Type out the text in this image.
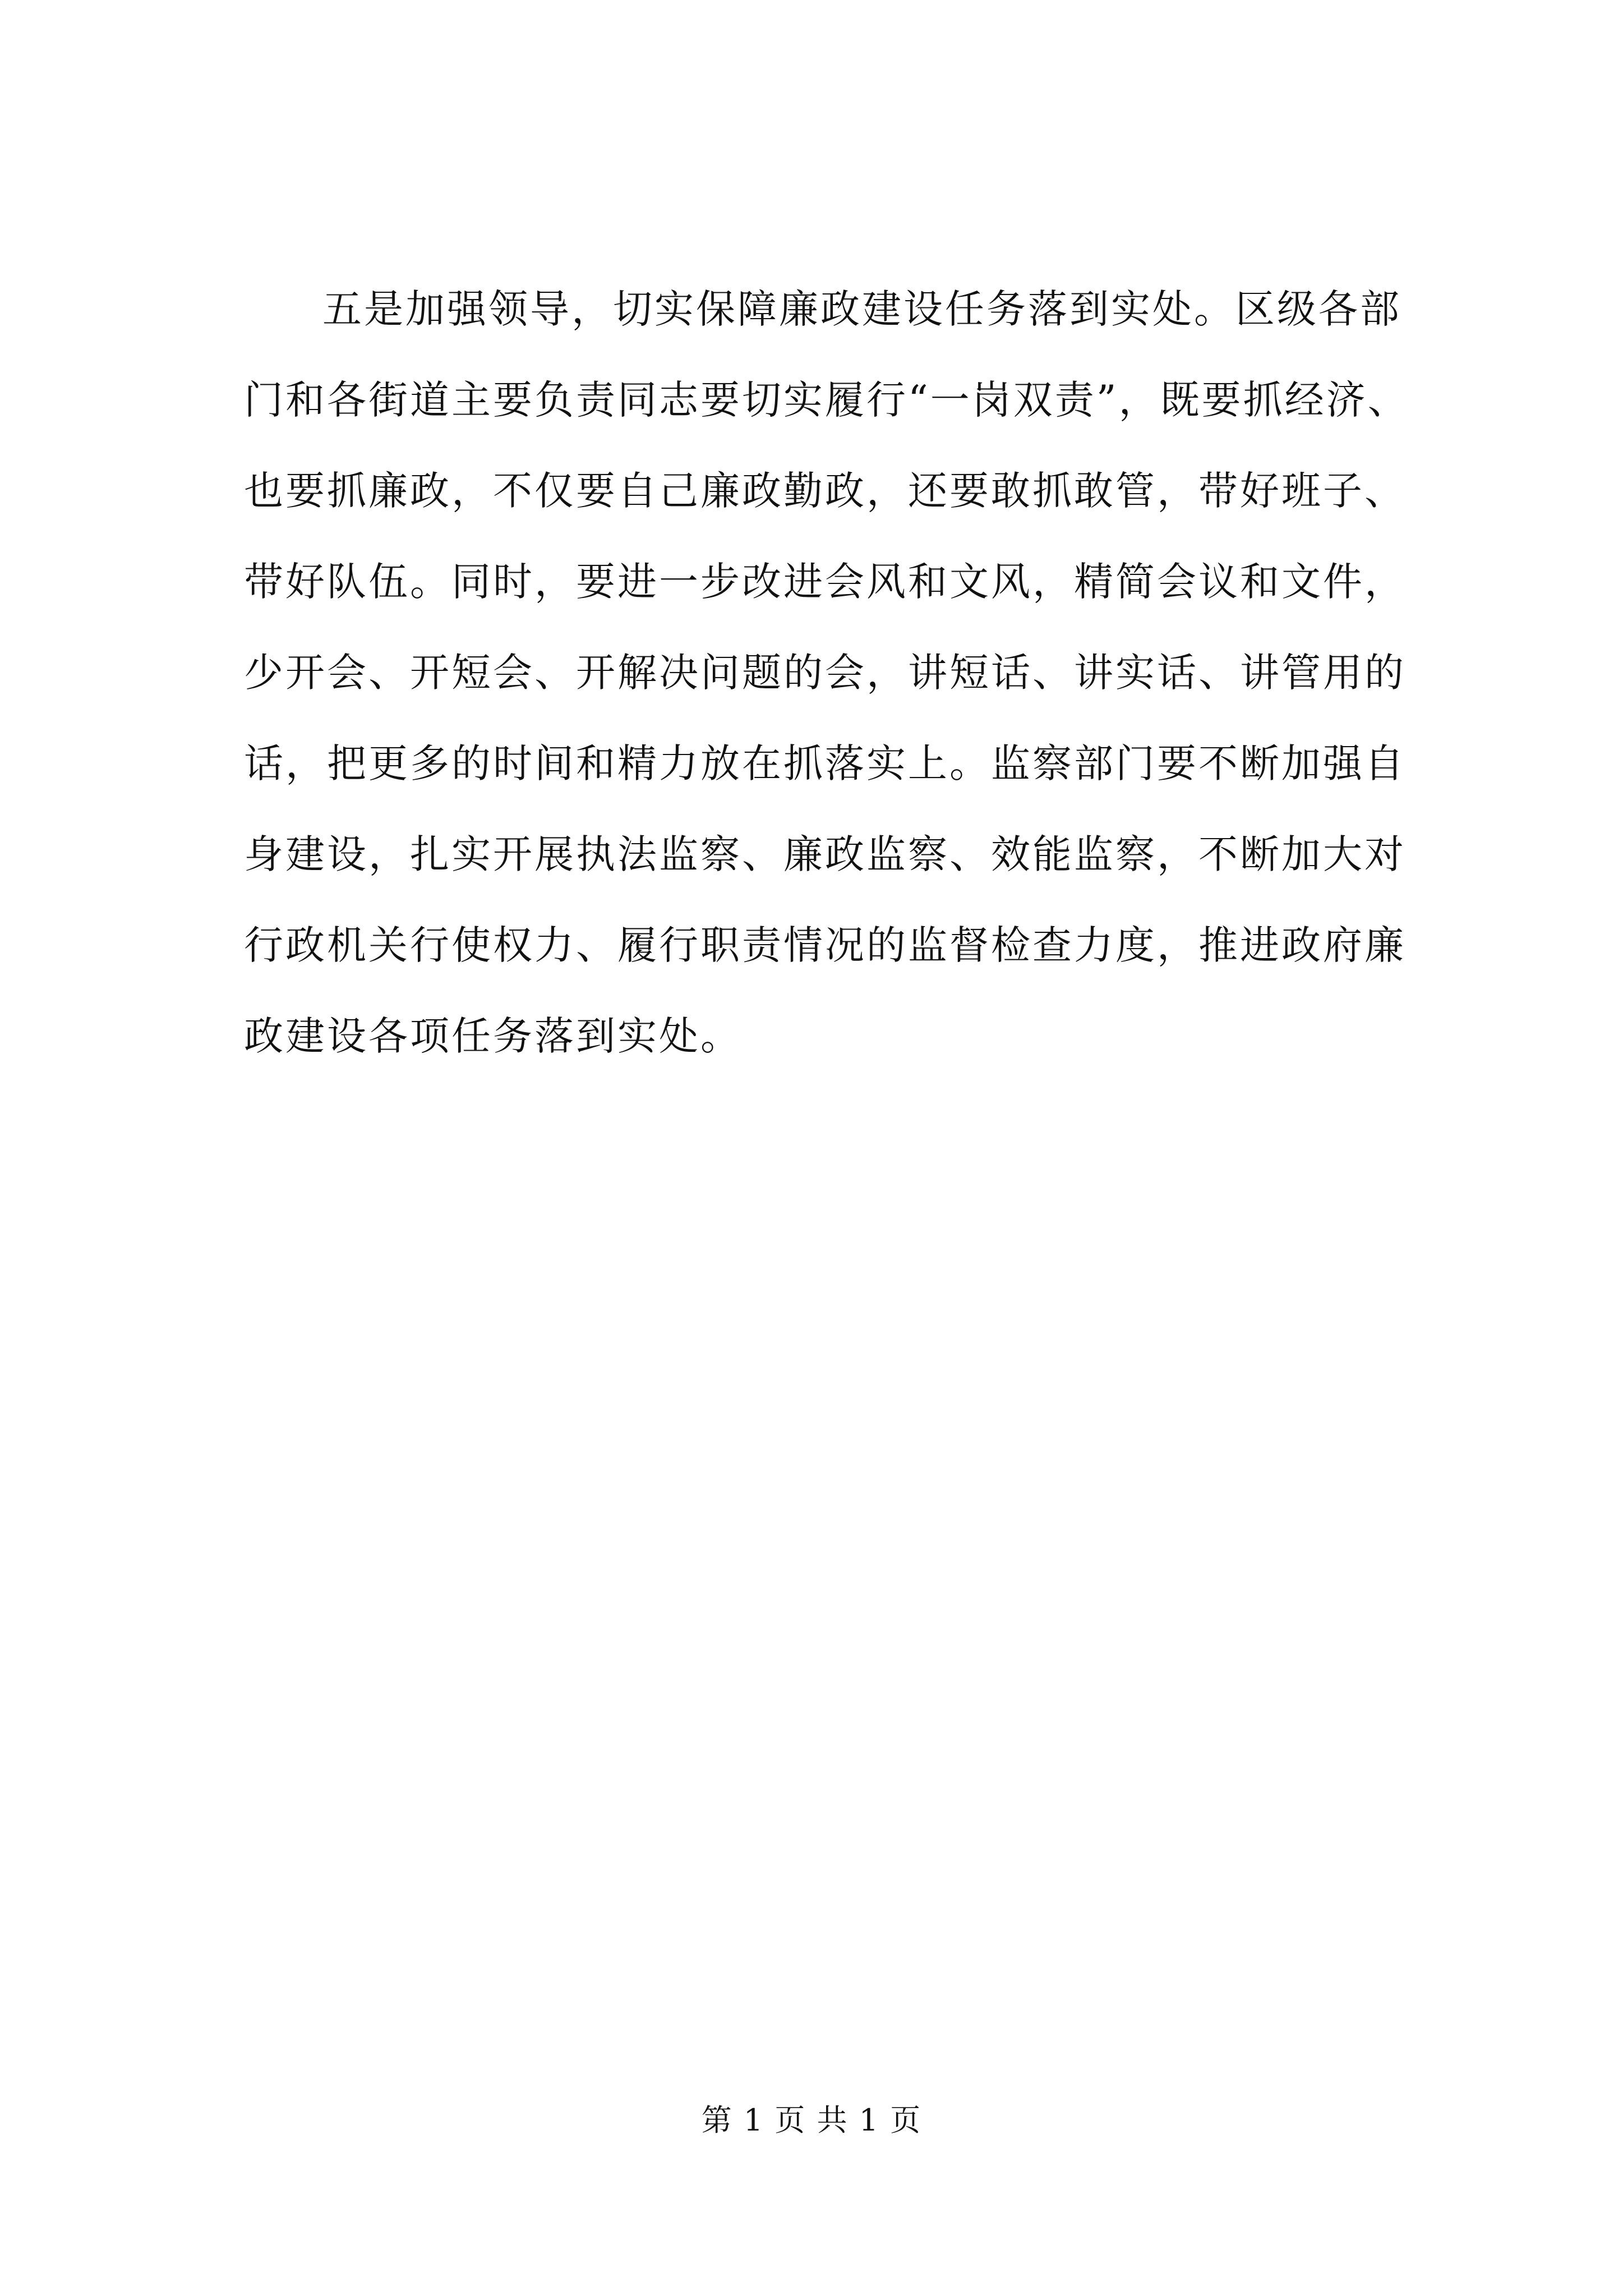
五是加强领导，切实保障廉政建设任务落到实处。区级各部
门和各街道主要负责同志要切实履行“一岗双责”，既要抓经济、
也要抓廉政，不仅要自己廉政勤政，还要敢抓敢管，带好班子、
带好队伍。同时，要进一步改进会风和文风，精简会议和文件，
少开会、开短会、开解决问题的会，讲短话、讲实话、讲管用的
话，把更多的时间和精力放在抓落实上。监察部门要不断加强自
身建设，扎实开展执法监察、廉政监察、效能监察，不断加大对
行政机关行使权力、履行职责情况的监督检查力度，推进政府廉
政建设各项任务落到实处。
第 1 页 共 1 页
